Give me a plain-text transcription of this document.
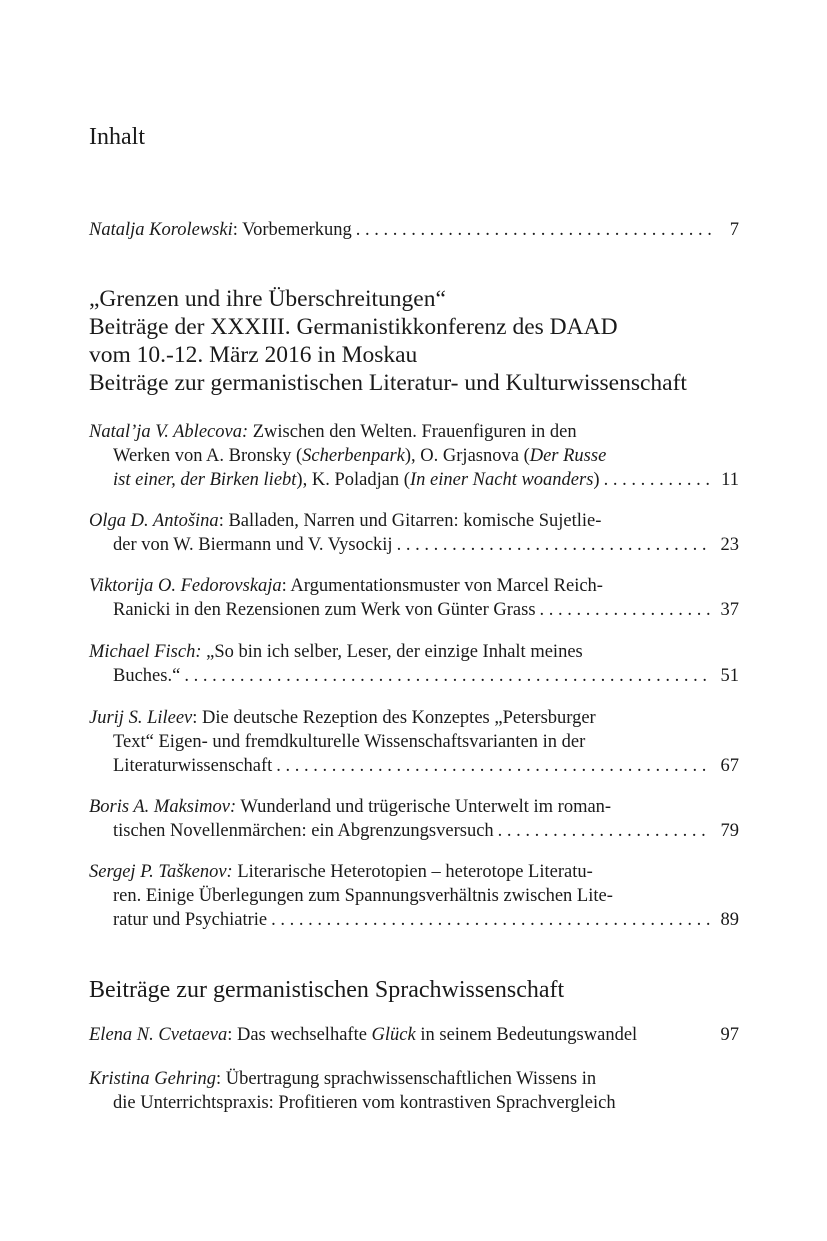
Inhalt
Natalja Korolewski: Vorbemerkung . . .	7
„Grenzen und ihre Überschreitungen“
Beiträge der XXXIII. Germanistikkonferenz des DAAD
vom 10.-12. März 2016 in Moskau
Beiträge zur germanistischen Literatur- und Kulturwissenschaft
Natal’ja V. Ablecova: Zwischen den Welten. Frauenfiguren in den
Werken von A. Bronsky (Scherbenpark), O. Grjasnova (Der Russe
ist einer, der Birken liebt), K. Poladjan (In einer Nacht woanders) . . .	11
Olga D. Antošina: Balladen, Narren und Gitarren: komische Sujetlie-
der von W. Biermann und V. Vysockij . . .	23
Viktorija O. Fedorovskaja: Argumentationsmuster von Marcel Reich-
Ranicki in den Rezensionen zum Werk von Günter Grass . . .	37
Michael Fisch: „So bin ich selber, Leser, der einzige Inhalt meines
Buches.“ . . .	51
Jurij S. Lileev: Die deutsche Rezeption des Konzeptes „Petersburger
Text“ Eigen- und fremdkulturelle Wissenschaftsvarianten in der
Literaturwissenschaft . . .	67
Boris A. Maksimov: Wunderland und trügerische Unterwelt im roman-
tischen Novellenmärchen: ein Abgrenzungsversuch . . .	79
Sergej P. Taškenov: Literarische Heterotopien – heterotope Literatu-
ren. Einige Überlegungen zum Spannungsverhältnis zwischen Lite-
ratur und Psychiatrie . . .	89
Beiträge zur germanistischen Sprachwissenschaft
Elena N. Cvetaeva: Das wechselhafte Glück in seinem Bedeutungswandel	97
Kristina Gehring: Übertragung sprachwissenschaftlichen Wissens in
die Unterrichtspraxis: Profitieren vom kontrastiven Sprachvergleich
